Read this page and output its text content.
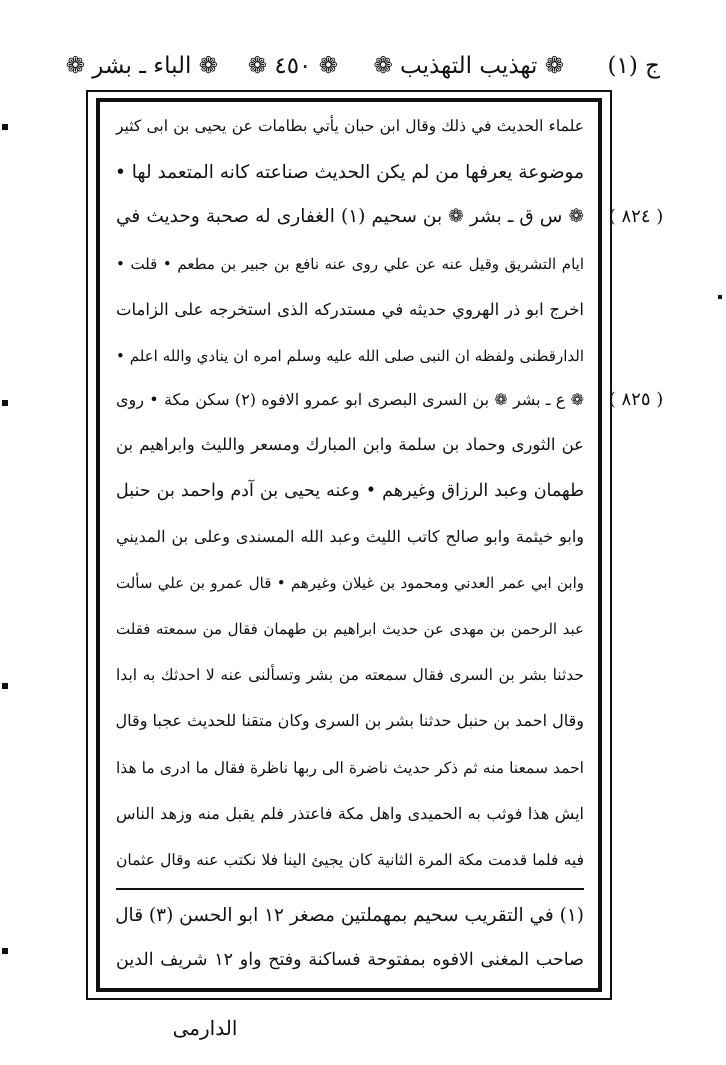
ج (١)
❁ تهذيب التهذيب ❁
❁ ٤٥٠ ❁
❁ الباء ـ بشر ❁
علماء الحديث في ذلك وقال ابن حبان يأتي بطامات عن يحيى بن ابى كثير
موضوعة يعرفها من لم يكن الحديث صناعته كانه المتعمد لها •
❁ س ق ـ بشر ❁ بن سحيم (١) الغفارى له صحبة وحديث في
ايام التشريق وقيل عنه عن علي روى عنه نافع بن جبير بن مطعم • قلت •
اخرج ابو ذر الهروي حديثه في مستدركه الذى استخرجه على الزامات
الدارقطنى ولفظه ان النبى صلى الله عليه وسلم امره ان ينادي والله اعلم •
❁ ع ـ بشر ❁ بن السرى البصرى ابو عمرو الافوه (٢) سكن مكة • روى
عن الثورى وحماد بن سلمة وابن المبارك ومسعر والليث وابراهيم بن
طهمان وعبد الرزاق وغيرهم • وعنه يحيى بن آدم واحمد بن حنبل
وابو خيثمة وابو صالح كاتب الليث وعبد الله المسندى وعلى بن المديني
وابن ابي عمر العدني ومحمود بن غيلان وغيرهم • قال عمرو بن علي سألت
عبد الرحمن بن مهدى عن حديث ابراهيم بن طهمان فقال من سمعته فقلت
حدثنا بشر بن السرى فقال سمعته من بشر وتسألنى عنه لا احدثك به ابدا
وقال احمد بن حنبل حدثنا بشر بن السرى وكان متقنا للحديث عجبا وقال
احمد سمعنا منه ثم ذكر حديث ناضرة الى ربها ناظرة فقال ما ادرى ما هذا
ايش هذا فوثب به الحميدى واهل مكة فاعتذر فلم يقبل منه وزهد الناس
فيه فلما قدمت مكة المرة الثانية كان يجيئ الينا فلا نكتب عنه وقال عثمان
( ٨٢٤ )
( ٨٢٥ )
(١) في التقريب سحيم بمهملتين مصغر ١٢ ابو الحسن (٣) قال
صاحب المغنى الافوه بمفتوحة فساكنة وفتح واو ١٢ شريف الدين
الدارمى
